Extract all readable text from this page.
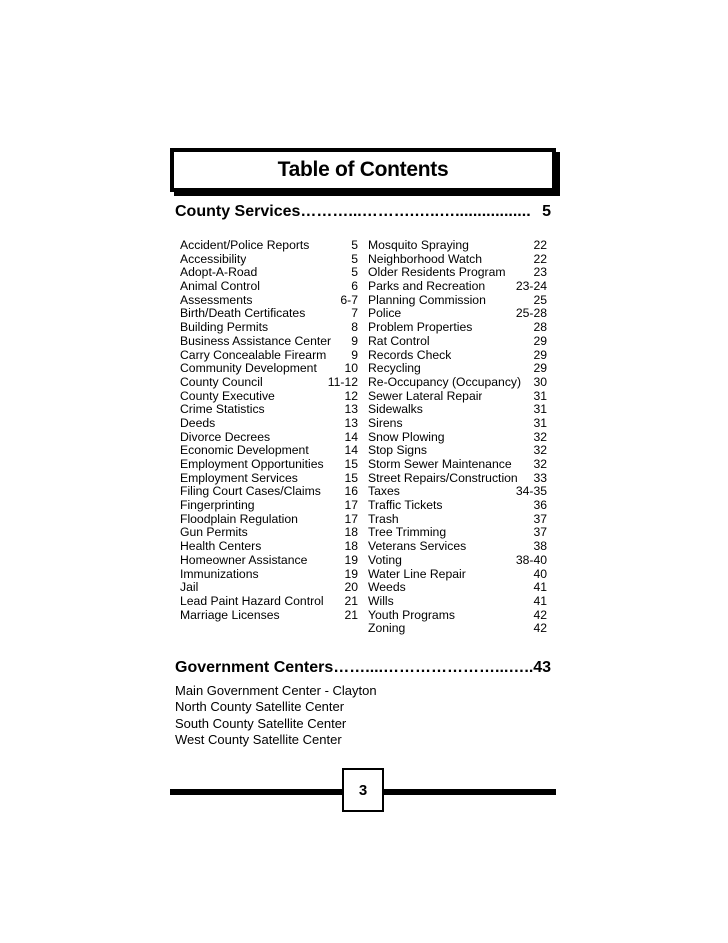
Table of Contents
County Services ………...……….…..…................. 5
Accident/Police Reports	5
Accessibility	5
Adopt-A-Road	5
Animal Control	6
Assessments	6-7
Birth/Death Certificates	7
Building Permits	8
Business Assistance Center	9
Carry Concealable Firearm	9
Community Development	10
County Council	11-12
County Executive	12
Crime Statistics	13
Deeds	13
Divorce Decrees	14
Economic Development	14
Employment Opportunities	15
Employment Services	15
Filing Court Cases/Claims	16
Fingerprinting	17
Floodplain Regulation	17
Gun Permits	18
Health Centers	18
Homeowner Assistance	19
Immunizations	19
Jail	20
Lead Paint Hazard Control	21
Marriage Licenses	21
Mosquito Spraying	22
Neighborhood Watch	22
Older Residents Program	23
Parks and Recreation	23-24
Planning Commission	25
Police	25-28
Problem Properties	28
Rat Control	29
Records Check	29
Recycling	29
Re-Occupancy (Occupancy)	30
Sewer Lateral Repair	31
Sidewalks	31
Sirens	31
Snow Plowing	32
Stop Signs	32
Storm Sewer Maintenance	32
Street Repairs/Construction	33
Taxes	34-35
Traffic Tickets	36
Trash	37
Tree Trimming	37
Veterans Services	38
Voting	38-40
Water Line Repair	40
Weeds	41
Wills	41
Youth Programs	42
Zoning	42
Government Centers ……....…………………...….. 43
Main Government Center - Clayton
North County Satellite Center
South County Satellite Center
West County Satellite Center
3
